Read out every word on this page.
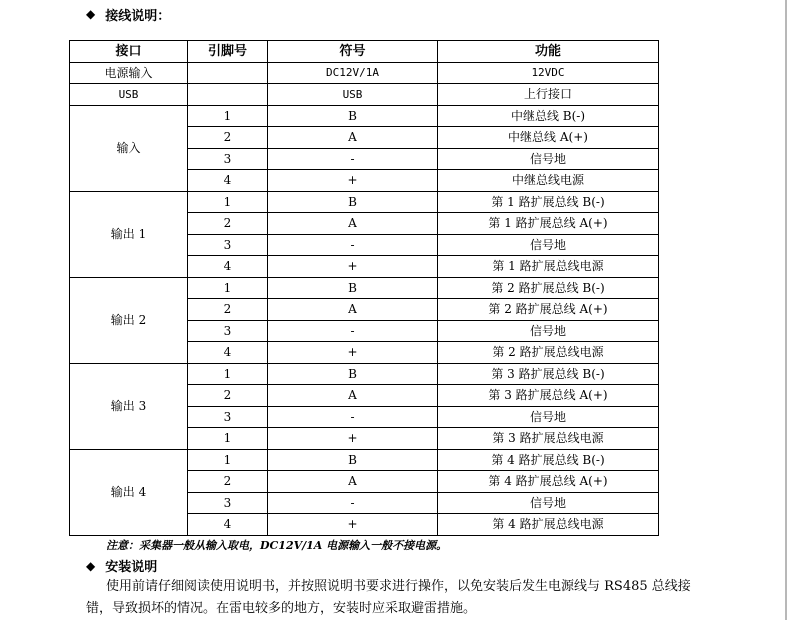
◆ 接线说明：
接口	引脚号	符号	功能
电源输入		DC12V/1A	12VDC
USB		USB	上行接口
输入	1	B	中继总线 B(-)
	2	A	中继总线 A(+)
	3	-	信号地
	4	+	中继总线电源
输出 1	1	B	第 1 路扩展总线 B(-)
	2	A	第 1 路扩展总线 A(+)
	3	-	信号地
	4	+	第 1 路扩展总线电源
输出 2	1	B	第 2 路扩展总线 B(-)
	2	A	第 2 路扩展总线 A(+)
	3	-	信号地
	4	+	第 2 路扩展总线电源
输出 3	1	B	第 3 路扩展总线 B(-)
	2	A	第 3 路扩展总线 A(+)
	3	-	信号地
	1	+	第 3 路扩展总线电源
输出 4	1	B	第 4 路扩展总线 B(-)
	2	A	第 4 路扩展总线 A(+)
	3	-	信号地
	4	+	第 4 路扩展总线电源
注意：采集器一般从输入取电，DC12V/1A 电源输入一般不接电源。
◆ 安装说明
使用前请仔细阅读使用说明书，并按照说明书要求进行操作，以免安装后发生电源线与 RS485 总线接
错，导致损坏的情况。在雷电较多的地方，安装时应采取避雷措施。
